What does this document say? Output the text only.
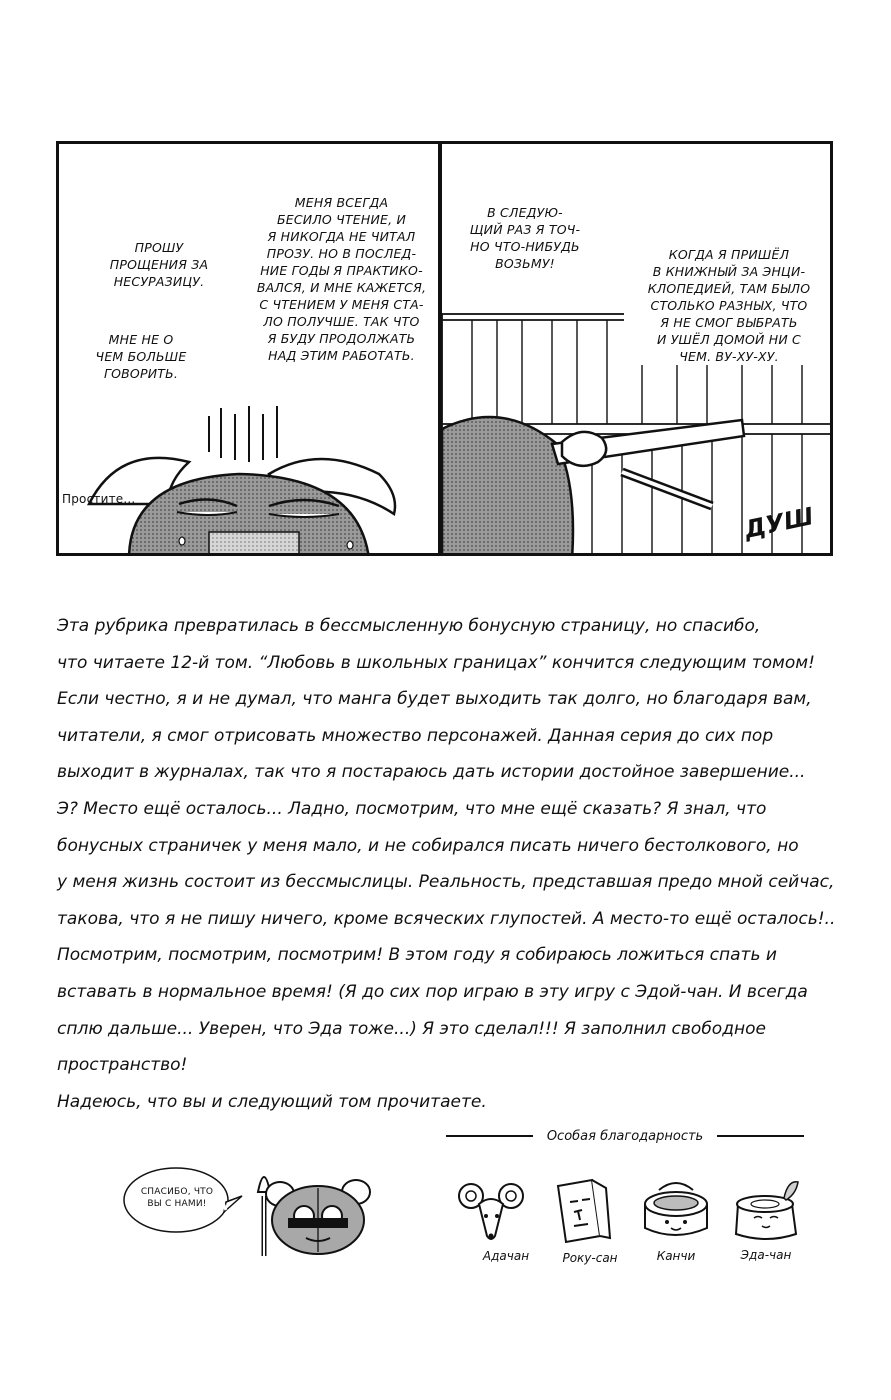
ПРОШУ
ПРОЩЕНИЯ ЗА
НЕСУРАЗИЦУ.
МНЕ НЕ О
ЧЕМ БОЛЬШЕ
ГОВОРИТЬ.
МЕНЯ ВСЕГДА
БЕСИЛО ЧТЕНИЕ, И
Я НИКОГДА НЕ ЧИТАЛ
ПРОЗУ. НО В ПОСЛЕД-
НИЕ ГОДЫ Я ПРАКТИКО-
ВАЛСЯ, И МНЕ КАЖЕТСЯ,
С ЧТЕНИЕМ У МЕНЯ СТА-
ЛО ПОЛУЧШЕ. ТАК ЧТО
Я БУДУ ПРОДОЛЖАТЬ
НАД ЭТИМ РАБОТАТЬ.
Простите...
В СЛЕДУЮ-
ЩИЙ РАЗ Я ТОЧ-
НО ЧТО-НИБУДЬ
ВОЗЬМУ!
КОГДА Я ПРИШЁЛ
В КНИЖНЫЙ ЗА ЭНЦИ-
КЛОПЕДИЕЙ, ТАМ БЫЛО
СТОЛЬКО РАЗНЫХ, ЧТО
Я НЕ СМОГ ВЫБРАТЬ
И УШЁЛ ДОМОЙ НИ С
ЧЕМ. ВУ-ХУ-ХУ.
ДУШ

Эта рубрика превратилась в бессмысленную бонусную страницу, но спасибо,

что читаете 12-й том. “Любовь в школьных границах” кончится следующим томом!

Если честно, я и не думал, что манга будет выходить так долго, но благодаря вам,

читатели, я смог отрисовать множество персонажей. Данная серия до сих пор

выходит в журналах, так что я постараюсь дать истории достойное завершение...

Э? Место ещё осталось... Ладно, посмотрим, что мне ещё сказать? Я знал, что

бонусных страничек у меня мало, и не собирался писать ничего бестолкового, но

у меня жизнь состоит из бессмыслицы. Реальность, представшая предо мной сейчас,

такова, что я не пишу ничего, кроме всяческих глупостей. А место-то ещё осталось!..

Посмотрим, посмотрим, посмотрим! В этом году я собираюсь ложиться спать и

вставать в нормальное время! (Я до сих пор играю в эту игру с Эдой-чан. И всегда

сплю дальше... Уверен, что Эда тоже...) Я это сделал!!! Я заполнил свободное

пространство!

Надеюсь, что вы и следующий том прочитаете.

СПАСИБО, ЧТО
ВЫ С НАМИ!
Особая благодарность
Адачан	Року-сан	Канчи	Эда-чан
